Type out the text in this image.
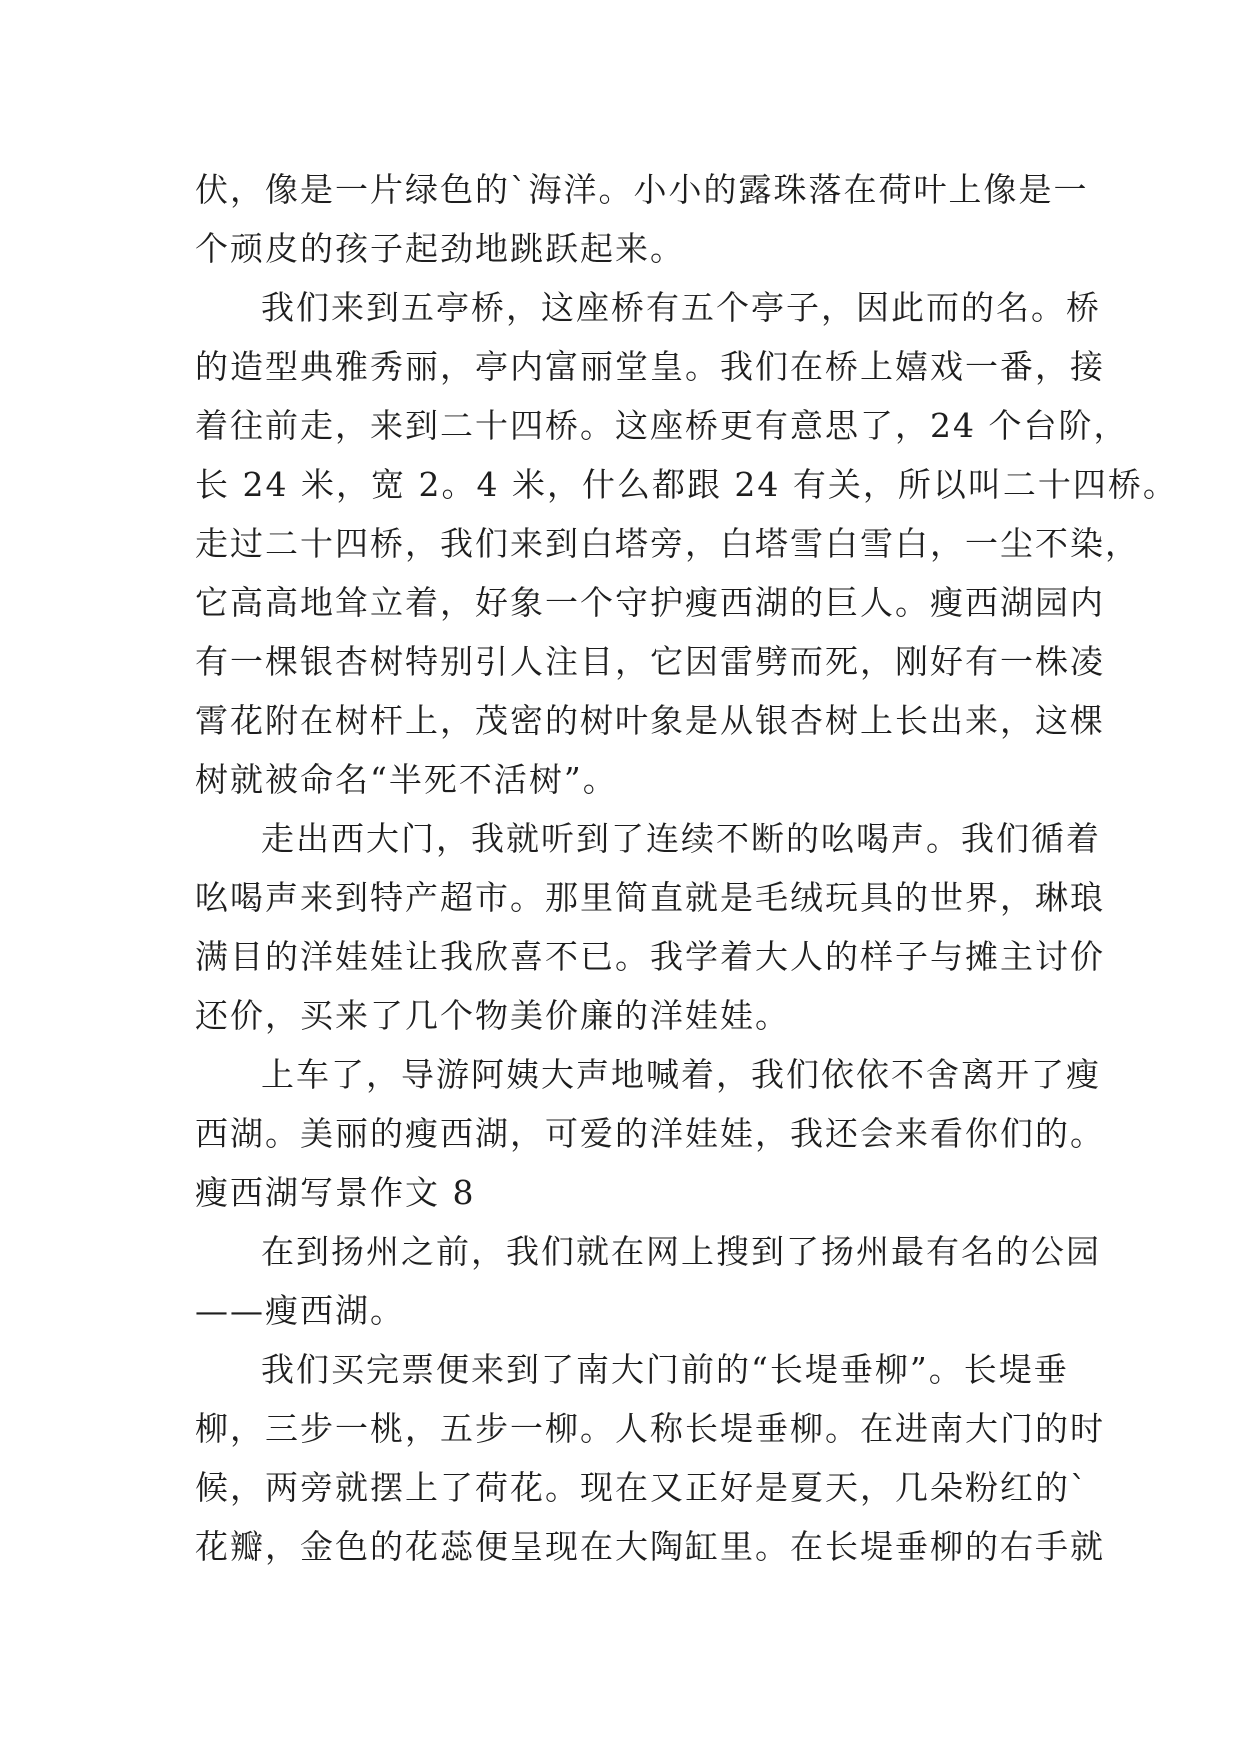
伏，像是一片绿色的`海洋。小小的露珠落在荷叶上像是一
个顽皮的孩子起劲地跳跃起来。
我们来到五亭桥，这座桥有五个亭子，因此而的名。桥
的造型典雅秀丽，亭内富丽堂皇。我们在桥上嬉戏一番，接
着往前走，来到二十四桥。这座桥更有意思了，24 个台阶，
长 24 米，宽 2。4 米，什么都跟 24 有关，所以叫二十四桥。
走过二十四桥，我们来到白塔旁，白塔雪白雪白，一尘不染，
它高高地耸立着，好象一个守护瘦西湖的巨人。瘦西湖园内
有一棵银杏树特别引人注目，它因雷劈而死，刚好有一株凌
霄花附在树杆上，茂密的树叶象是从银杏树上长出来，这棵
树就被命名“半死不活树”。
走出西大门，我就听到了连续不断的吆喝声。我们循着
吆喝声来到特产超市。那里简直就是毛绒玩具的世界，琳琅
满目的洋娃娃让我欣喜不已。我学着大人的样子与摊主讨价
还价，买来了几个物美价廉的洋娃娃。
上车了，导游阿姨大声地喊着，我们依依不舍离开了瘦
西湖。美丽的瘦西湖，可爱的洋娃娃，我还会来看你们的。
瘦西湖写景作文 8
在到扬州之前，我们就在网上搜到了扬州最有名的公园
——瘦西湖。
我们买完票便来到了南大门前的“长堤垂柳”。长堤垂
柳，三步一桃，五步一柳。人称长堤垂柳。在进南大门的时
候，两旁就摆上了荷花。现在又正好是夏天，几朵粉红的`
花瓣，金色的花蕊便呈现在大陶缸里。在长堤垂柳的右手就
